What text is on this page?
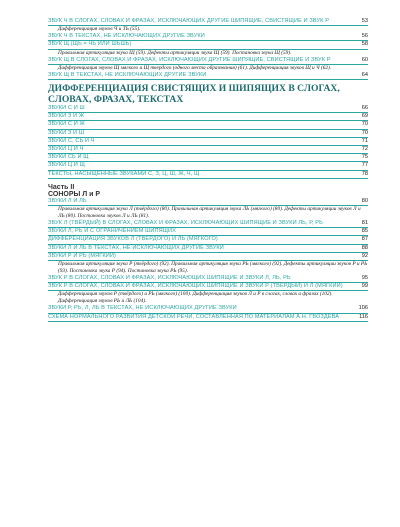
ЗВУК Ч В СЛОГАХ, СЛОВАХ И ФРАЗАХ, ИСКЛЮЧАЮЩИХ ДРУГИЕ ШИПЯЩИЕ, СВИСТЯЩИЕ И ЗВУК Р	53
Дифференциация звуков Ч и ТЬ (55).
ЗВУК Ч В ТЕКСТАХ, НЕ ИСКЛЮЧАЮЩИХ ДРУГИЕ ЗВУКИ	56
ЗВУК Щ (ЩЬ = ЧЬ ИЛИ ШЬШЬ)	58
Правильная артикуляция звука Щ (59). Дефекты артикуляции звука Щ (59). Постановка звука Щ (59).
ЗВУК Щ В СЛОГАХ, СЛОВАХ И ФРАЗАХ, ИСКЛЮЧАЮЩИХ ДРУГИЕ ШИПЯЩИЕ, СВИСТЯЩИЕ И ЗВУК Р	60
Дифференциация звуков Щ мягкого и Щ твердого (одного места образования) (61). Дифференциация звуков Щ и Ч (62).
ЗВУК Щ В ТЕКСТАХ, НЕ ИСКЛЮЧАЮЩИХ ДРУГИЕ ЗВУКИ	64
ДИФФЕРЕНЦИАЦИЯ СВИСТЯЩИХ И ШИПЯЩИХ В СЛОГАХ, СЛОВАХ, ФРАЗАХ, ТЕКСТАХ
ЗВУКИ С И Ш	66
ЗВУКИ З И Ж	69
ЗВУКИ С И Ж	70
ЗВУКИ З И Ш	70
ЗВУКИ С, СЬ И Ч	71
ЗВУКИ Ц И Ч	72
ЗВУКИ СЬ И Щ	75
ЗВУКИ Ц И Щ	77
ТЕКСТЫ, НАСЫЩЕННЫЕ ЗВУКАМИ С, З, Ц, Ш, Ж, Ч, Щ	78
Часть II
СОНОРЫ Л и Р
ЗВУКИ Л И ЛЬ	80
Правильная артикуляция звука Л (твёрдого) (80). Правильная артикуляция звука ЛЬ (мягкого) (80). Дефекты артикуляции звуков Л и ЛЬ (80). Постановка звуков Л и ЛЬ (81).
ЗВУК Л (ТВЁРДЫЙ) В СЛОГАХ, СЛОВАХ И ФРАЗАХ, ИСКЛЮЧАЮЩИХ ШИПЯЩИЕ И ЗВУКИ ЛЬ, Р, РЬ	81
ЗВУКИ Л, РЬ И С ОГРАНИЧЕНИЕМ ШИПЯЩИХ	85
ДИФФЕРЕНЦИАЦИЯ ЗВУКОВ Л (ТВЁРДОГО) И ЛЬ (МЯГКОГО)	87
ЗВУКИ Л И ЛЬ В ТЕКСТАХ, НЕ ИСКЛЮЧАЮЩИХ ДРУГИЕ ЗВУКИ	88
ЗВУКИ Р И РЬ (МЯГКИЙ)	92
Правильная артикуляция звука Р (твёрдого) (92). Правильная артикуляция звука РЬ (мягкого) (92). Дефекты артикуляции звуков Р и РЬ (93). Постановка звука Р (94). Постановка звука РЬ (95).
ЗВУК Р В СЛОГАХ, СЛОВАХ И ФРАЗАХ, ИСКЛЮЧАЮЩИХ ШИПЯЩИЕ И ЗВУКИ Л, ЛЬ, РЬ	95
ЗВУК Р В СЛОГАХ, СЛОВАХ И ФРАЗАХ, ИСКЛЮЧАЮЩИХ ШИПЯЩИЕ И ЗВУКИ Р (ТВЁРДЫЙ) И Л (МЯГКИЙ)	99
Дифференциация звуков Р (твёрдого) и РЬ (мягкого) (100). Дифференциация звуков Л и Р в слогах, словах и фразах (102). Дифференциация звуков РЬ и ЛЬ (104).
ЗВУКИ Р, РЬ, Л, ЛЬ В ТЕКСТАХ, НЕ ИСКЛЮЧАЮЩИХ ДРУГИЕ ЗВУКИ	106
СХЕМА НОРМАЛЬНОГО РАЗВИТИЯ ДЕТСКОЙ РЕЧИ, СОСТАВЛЕННАЯ ПО МАТЕРИАЛАМ А.Н. ГВОЗДЕВА	116
